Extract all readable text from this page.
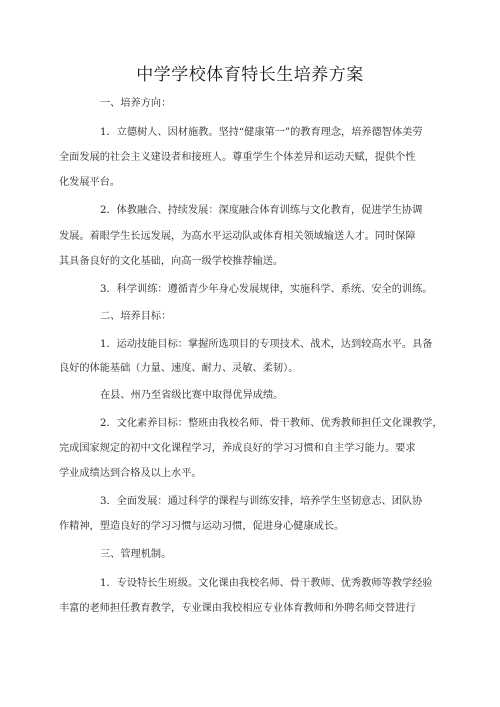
中学学校体育特长生培养方案
一、培养方向：
1．立德树人、因材施教。坚持“健康第一”的教育理念，培养德智体美劳
全面发展的社会主义建设者和接班人。尊重学生个体差异和运动天赋，提供个性
化发展平台。
2．体教融合、持续发展：深度融合体育训练与文化教育，促进学生协调
发展。着眼学生长远发展，为高水平运动队或体育相关领域输送人才。同时保障
其具备良好的文化基础，向高一级学校推荐输送。
3．科学训练：遵循青少年身心发展规律，实施科学、系统、安全的训练。
二、培养目标：
1．运动技能目标：掌握所选项目的专项技术、战术，达到较高水平。具备
良好的体能基础（力量、速度、耐力、灵敏、柔韧）。
在县、州乃至省级比赛中取得优异成绩。
2．文化素养目标：整班由我校名师、骨干教师、优秀教师担任文化课教学，
完成国家规定的初中文化课程学习，养成良好的学习习惯和自主学习能力。要求
学业成绩达到合格及以上水平。
3．全面发展：通过科学的课程与训练安排，培养学生坚韧意志、团队协
作精神，塑造良好的学习习惯与运动习惯，促进身心健康成长。
三、管理机制。
1．专设特长生班级。文化课由我校名师、骨干教师、优秀教师等教学经验
丰富的老师担任教育教学，专业课由我校相应专业体育教师和外聘名师交替进行
